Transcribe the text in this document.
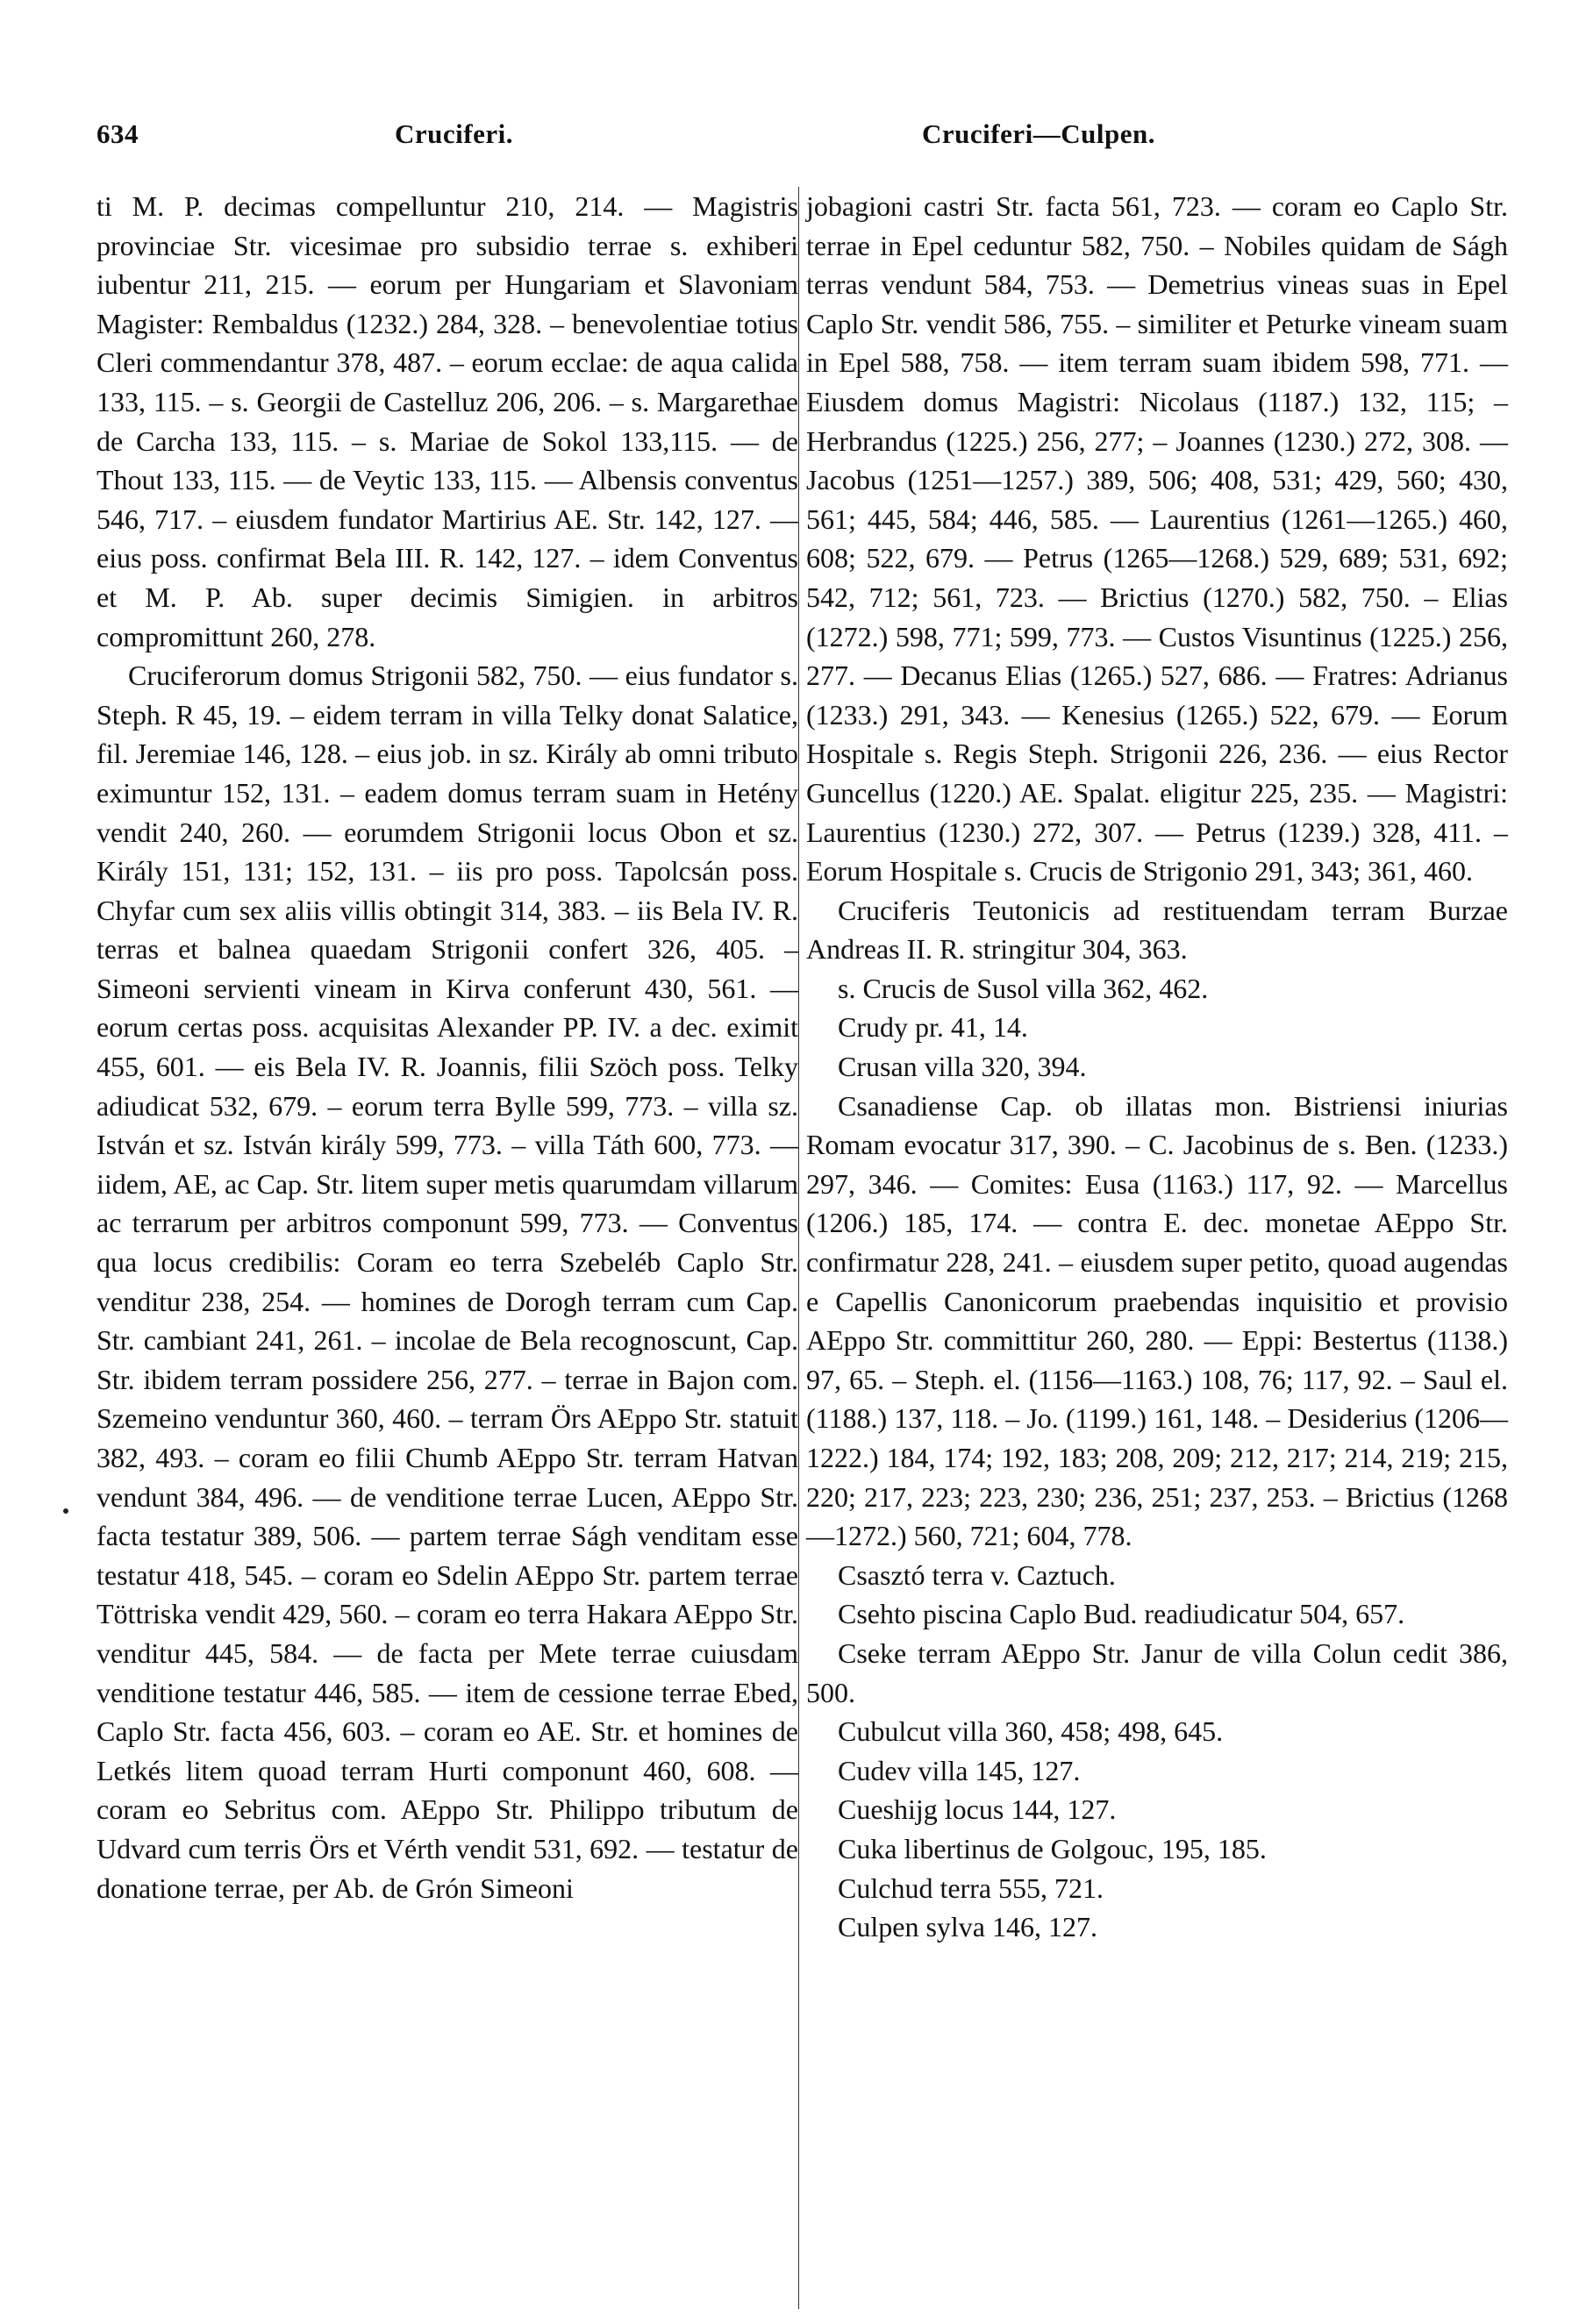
634	Cruciferi.	Cruciferi—Culpen.

ti M. P. decimas compelluntur 210, 214. — Magistris provinciae Str. vicesimae pro subsidio terrae s. exhiberi iubentur 211, 215. — eorum per Hungariam et Slavoniam Magister: Rembaldus (1232.) 284, 328. – benevolentiae totius Cleri commendantur 378, 487. – eorum ecclae: de aqua calida 133, 115. – s. Georgii de Castelluz 206, 206. – s. Margarethae de Carcha 133, 115. – s. Mariae de Sokol 133,115. — de Thout 133, 115. — de Veytic 133, 115. — Albensis conventus 546, 717. – eiusdem fundator Martirius AE. Str. 142, 127. — eius poss. confirmat Bela III. R. 142, 127. – idem Conventus et M. P. Ab. super decimis Simigien. in arbitros compromittunt 260, 278.

Cruciferorum domus Strigonii 582, 750. — eius fundator s. Steph. R 45, 19. – eidem terram in villa Telky donat Salatice, fil. Jeremiae 146, 128. – eius job. in sz. Király ab omni tributo eximuntur 152, 131. – eadem domus terram suam in Hetény vendit 240, 260. — eorumdem Strigonii locus Obon et sz. Király 151, 131; 152, 131. – iis pro poss. Tapolcsán poss. Chyfar cum sex aliis villis obtingit 314, 383. – iis Bela IV. R. terras et balnea quaedam Strigonii confert 326, 405. – Simeoni servienti vineam in Kirva conferunt 430, 561. — eorum certas poss. acquisitas Alexander PP. IV. a dec. eximit 455, 601. — eis Bela IV. R. Joannis, filii Szöch poss. Telky adiudicat 532, 679. – eorum terra Bylle 599, 773. – villa sz. István et sz. István király 599, 773. – villa Táth 600, 773. — iidem, AE, ac Cap. Str. litem super metis quarumdam villarum ac terrarum per arbitros componunt 599, 773. — Conventus qua locus credibilis: Coram eo terra Szebeléb Caplo Str. venditur 238, 254. — homines de Dorogh terram cum Cap. Str. cambiant 241, 261. – incolae de Bela recognoscunt, Cap. Str. ibidem terram possidere 256, 277. – terrae in Bajon com. Szemeino venduntur 360, 460. – terram Örs AEppo Str. statuit 382, 493. – coram eo filii Chumb AEppo Str. terram Hatvan vendunt 384, 496. — de venditione terrae Lucen, AEppo Str. facta testatur 389, 506. — partem terrae Ságh venditam esse testatur 418, 545. – coram eo Sdelin AEppo Str. partem terrae Töttriska vendit 429, 560. – coram eo terra Hakara AEppo Str. venditur 445, 584. — de facta per Mete terrae cuiusdam venditione testatur 446, 585. — item de cessione terrae Ebed, Caplo Str. facta 456, 603. – coram eo AE. Str. et homines de Letkés litem quoad terram Hurti componunt 460, 608. — coram eo Sebritus com. AEppo Str. Philippo tributum de Udvard cum terris Örs et Vérth vendit 531, 692. — testatur de donatione terrae, per Ab. de Grón Simeoni

jobagioni castri Str. facta 561, 723. — coram eo Caplo Str. terrae in Epel ceduntur 582, 750. – Nobiles quidam de Ságh terras vendunt 584, 753. — Demetrius vineas suas in Epel Caplo Str. vendit 586, 755. – similiter et Peturke vineam suam in Epel 588, 758. — item terram suam ibidem 598, 771. — Eiusdem domus Magistri: Nicolaus (1187.) 132, 115; – Herbrandus (1225.) 256, 277; – Joannes (1230.) 272, 308. — Jacobus (1251—1257.) 389, 506; 408, 531; 429, 560; 430, 561; 445, 584; 446, 585. — Laurentius (1261—1265.) 460, 608; 522, 679. — Petrus (1265—1268.) 529, 689; 531, 692; 542, 712; 561, 723. — Brictius (1270.) 582, 750. – Elias (1272.) 598, 771; 599, 773. — Custos Visuntinus (1225.) 256, 277. — Decanus Elias (1265.) 527, 686. — Fratres: Adrianus (1233.) 291, 343. — Kenesius (1265.) 522, 679. — Eorum Hospitale s. Regis Steph. Strigonii 226, 236. — eius Rector Guncellus (1220.) AE. Spalat. eligitur 225, 235. — Magistri: Laurentius (1230.) 272, 307. — Petrus (1239.) 328, 411. – Eorum Hospitale s. Crucis de Strigonio 291, 343; 361, 460.

Cruciferis Teutonicis ad restituendam terram Burzae Andreas II. R. stringitur 304, 363.

s. Crucis de Susol villa 362, 462.

Crudy pr. 41, 14.

Crusan villa 320, 394.

Csanadiense Cap. ob illatas mon. Bistriensi iniurias Romam evocatur 317, 390. – C. Jacobinus de s. Ben. (1233.) 297, 346. — Comites: Eusa (1163.) 117, 92. — Marcellus (1206.) 185, 174. — contra E. dec. monetae AEppo Str. confirmatur 228, 241. – eiusdem super petito, quoad augendas e Capellis Canonicorum praebendas inquisitio et provisio AEppo Str. committitur 260, 280. — Eppi: Bestertus (1138.) 97, 65. – Steph. el. (1156—1163.) 108, 76; 117, 92. – Saul el. (1188.) 137, 118. – Jo. (1199.) 161, 148. – Desiderius (1206—1222.) 184, 174; 192, 183; 208, 209; 212, 217; 214, 219; 215, 220; 217, 223; 223, 230; 236, 251; 237, 253. – Brictius (1268—1272.) 560, 721; 604, 778.

Csasztó terra v. Caztuch.

Csehto piscina Caplo Bud. readiudicatur 504, 657.

Cseke terram AEppo Str. Janur de villa Colun cedit 386, 500.

Cubulcut villa 360, 458; 498, 645.

Cudev villa 145, 127.

Cueshijg locus 144, 127.

Cuka libertinus de Golgouc, 195, 185.

Culchud terra 555, 721.

Culpen sylva 146, 127.
